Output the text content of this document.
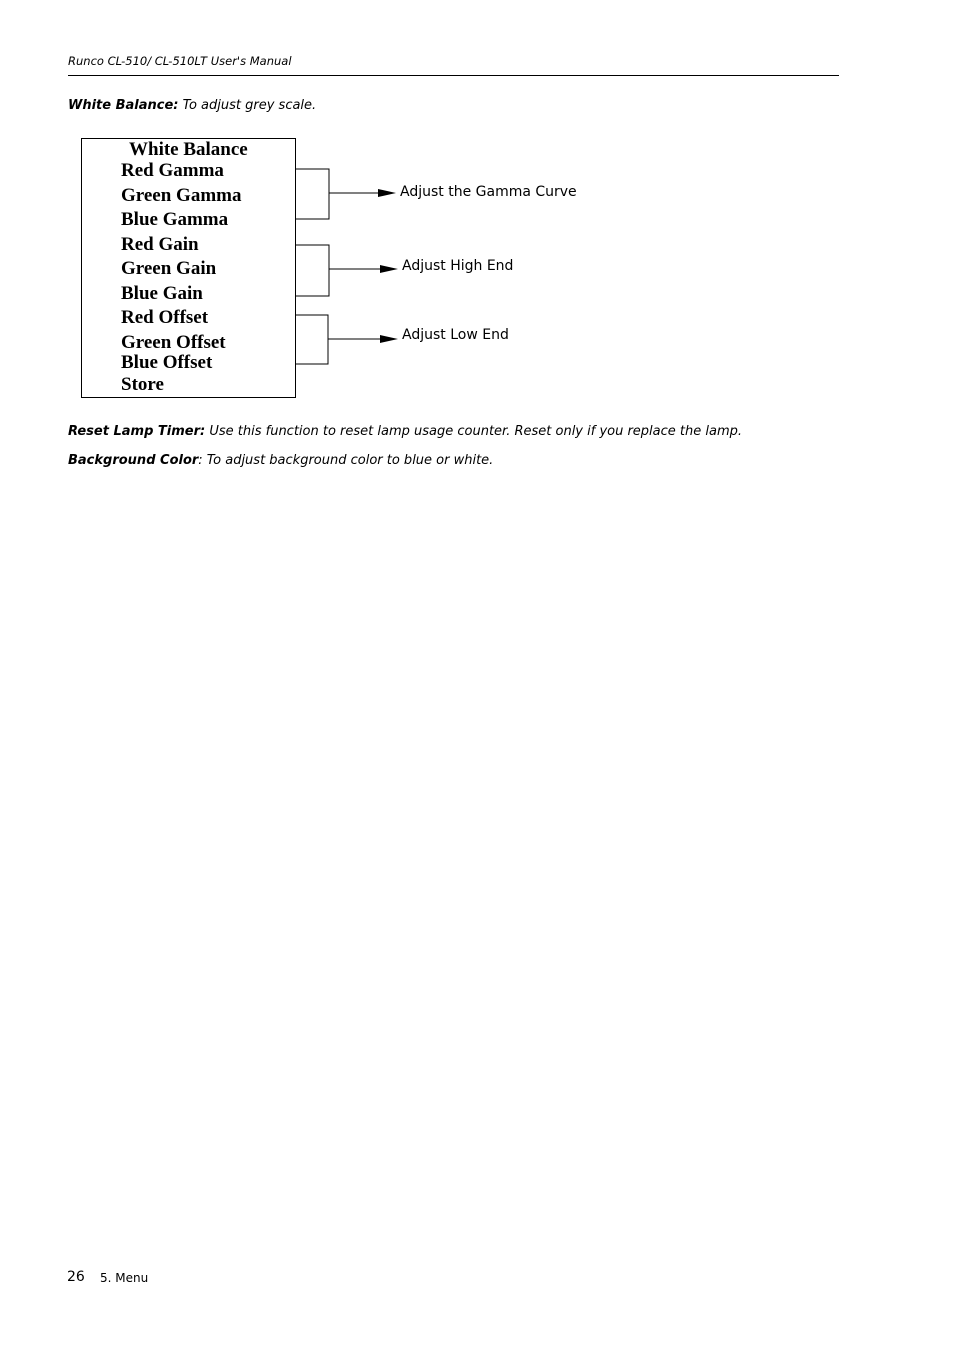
Runco CL-510/ CL-510LT User's Manual
White Balance: To adjust grey scale.
White Balance
Red Gamma
Green Gamma
Blue Gamma
Red Gain
Green Gain
Blue Gain
Red Offset
Green Offset
Blue Offset
Store
Adjust the Gamma Curve
Adjust High End
Adjust Low End
Reset Lamp Timer: Use this function to reset lamp usage counter. Reset only if you replace the lamp.
Background Color: To adjust background color to blue or white.
26 5. Menu
